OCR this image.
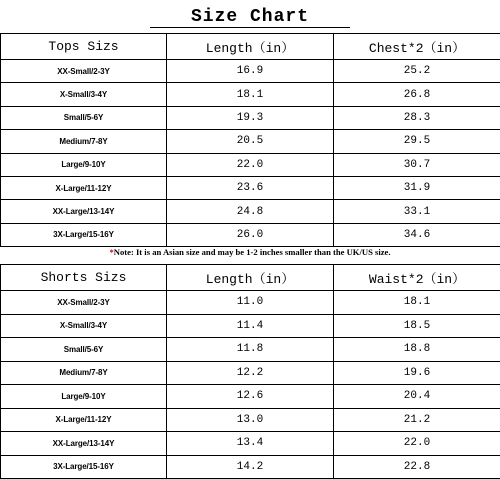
Size Chart
Tops Sizs	Length（in）	Chest*2（in）
XX-Small/2-3Y	16.9	25.2
X-Small/3-4Y	18.1	26.8
Small/5-6Y	19.3	28.3
Medium/7-8Y	20.5	29.5
Large/9-10Y	22.0	30.7
X-Large/11-12Y	23.6	31.9
XX-Large/13-14Y	24.8	33.1
3X-Large/15-16Y	26.0	34.6
*Note: It is an Asian size and may be 1-2 inches smaller than the UK/US size.
Shorts Sizs	Length（in）	Waist*2（in）
XX-Small/2-3Y	11.0	18.1
X-Small/3-4Y	11.4	18.5
Small/5-6Y	11.8	18.8
Medium/7-8Y	12.2	19.6
Large/9-10Y	12.6	20.4
X-Large/11-12Y	13.0	21.2
XX-Large/13-14Y	13.4	22.0
3X-Large/15-16Y	14.2	22.8
